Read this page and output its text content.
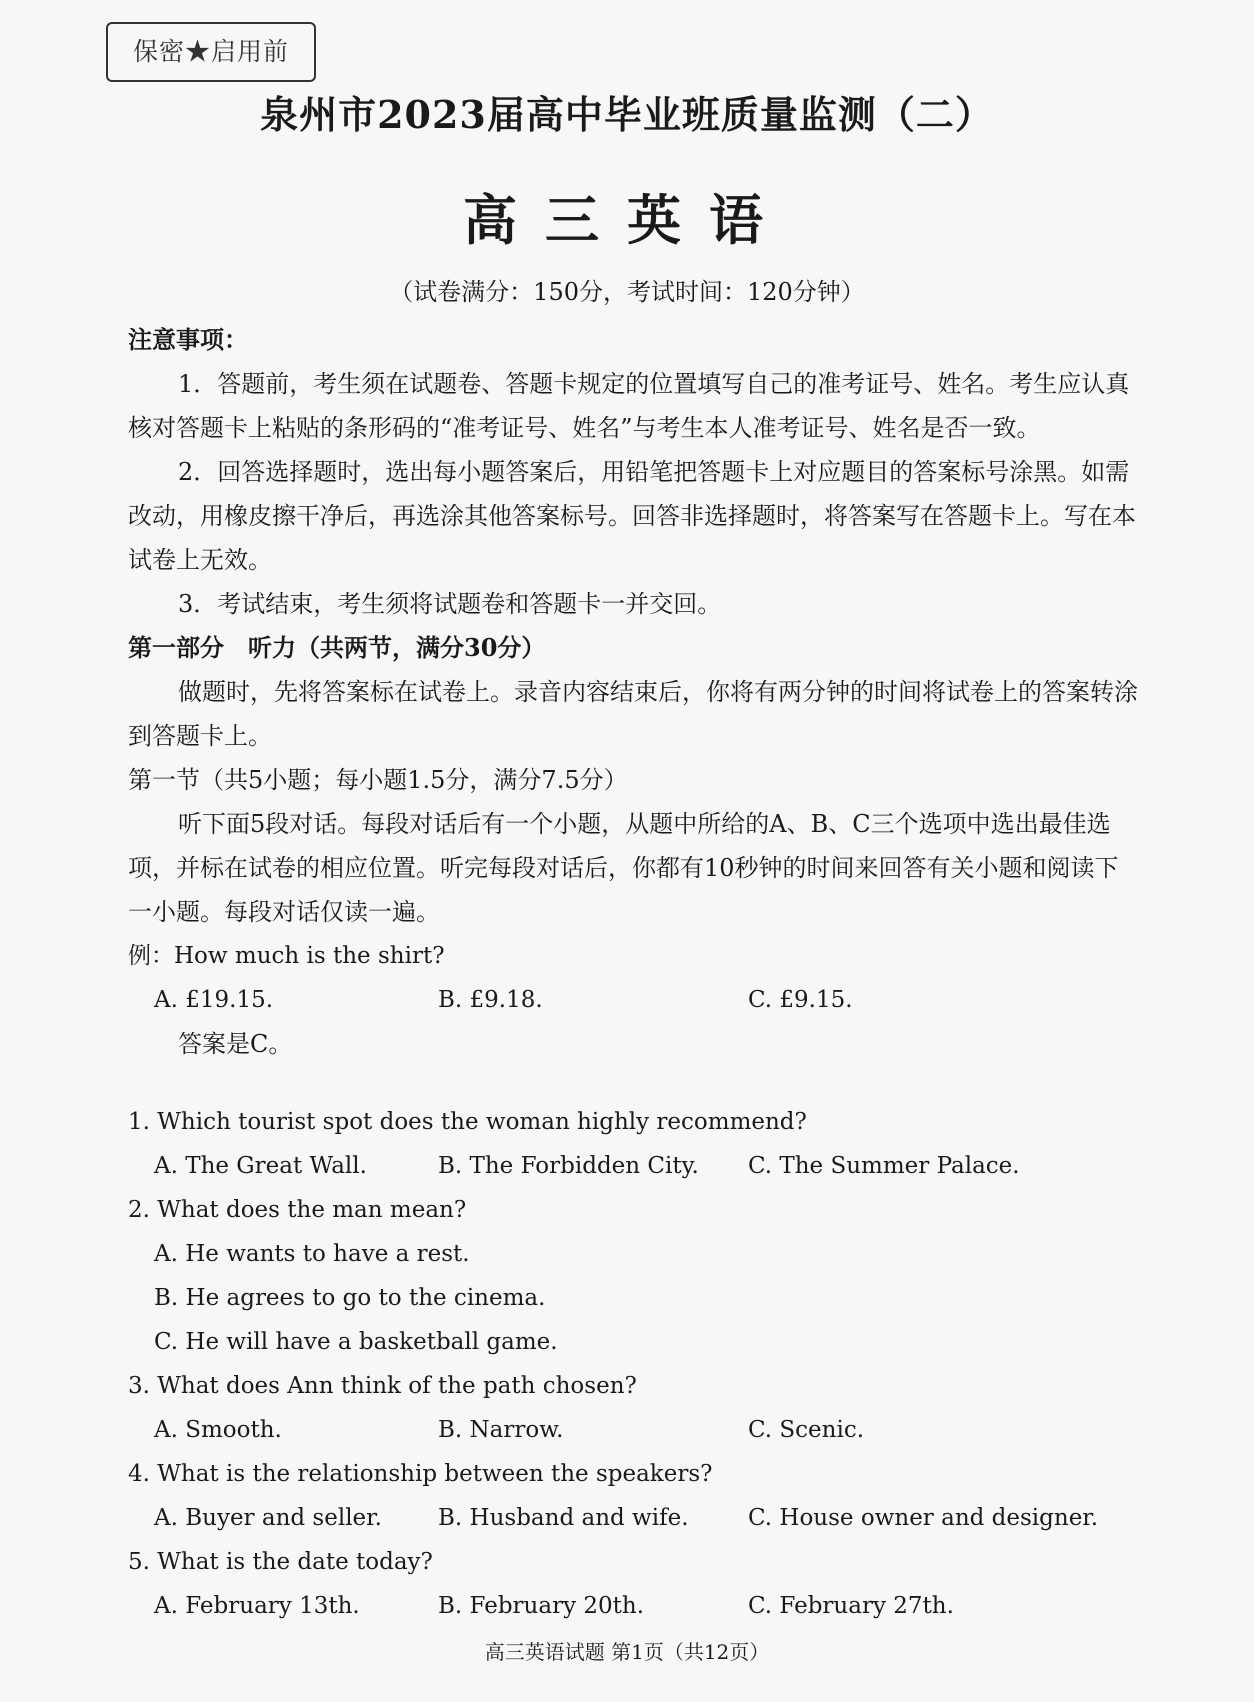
保密★启用前
泉州市2023届高中毕业班质量监测（二）
高三英语
（试卷满分：150分，考试时间：120分钟）
注意事项：
1．答题前，考生须在试题卷、答题卡规定的位置填写自己的准考证号、姓名。考生应认真
核对答题卡上粘贴的条形码的“准考证号、姓名”与考生本人准考证号、姓名是否一致。
2．回答选择题时，选出每小题答案后，用铅笔把答题卡上对应题目的答案标号涂黑。如需
改动，用橡皮擦干净后，再选涂其他答案标号。回答非选择题时，将答案写在答题卡上。写在本
试卷上无效。
3．考试结束，考生须将试题卷和答题卡一并交回。
第一部分　听力（共两节，满分30分）
做题时，先将答案标在试卷上。录音内容结束后，你将有两分钟的时间将试卷上的答案转涂
到答题卡上。
第一节（共5小题；每小题1.5分，满分7.5分）
听下面5段对话。每段对话后有一个小题，从题中所给的A、B、C三个选项中选出最佳选
项，并标在试卷的相应位置。听完每段对话后，你都有10秒钟的时间来回答有关小题和阅读下
一小题。每段对话仅读一遍。
例：How much is the shirt?
A. £19.15.	B. £9.18.	C. £9.15.
答案是C。
1. Which tourist spot does the woman highly recommend?
A. The Great Wall.	B. The Forbidden City.	C. The Summer Palace.
2. What does the man mean?
A. He wants to have a rest.
B. He agrees to go to the cinema.
C. He will have a basketball game.
3. What does Ann think of the path chosen?
A. Smooth.	B. Narrow.	C. Scenic.
4. What is the relationship between the speakers?
A. Buyer and seller.	B. Husband and wife.	C. House owner and designer.
5. What is the date today?
A. February 13th.	B. February 20th.	C. February 27th.
高三英语试题 第1页（共12页）
